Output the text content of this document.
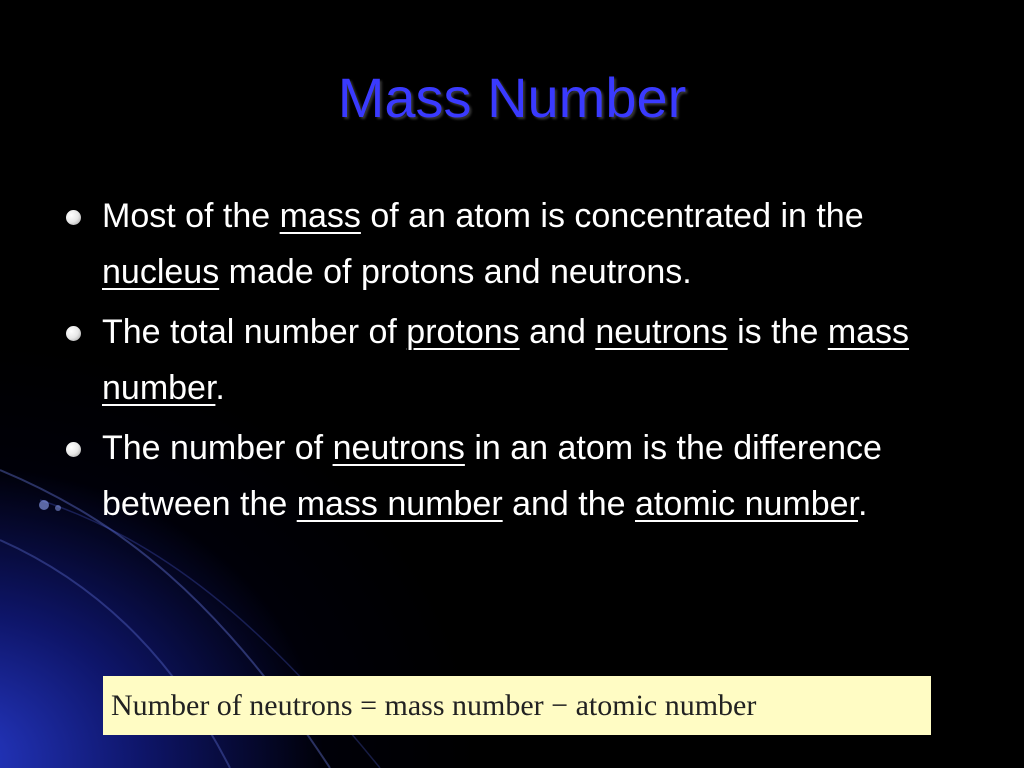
Mass Number
Most of the mass of an atom is concentrated in the nucleus made of protons and neutrons.
The total number of protons and neutrons is the mass number.
The number of neutrons in an atom is the difference between the mass number and the atomic number.
Number of neutrons = mass number − atomic number
